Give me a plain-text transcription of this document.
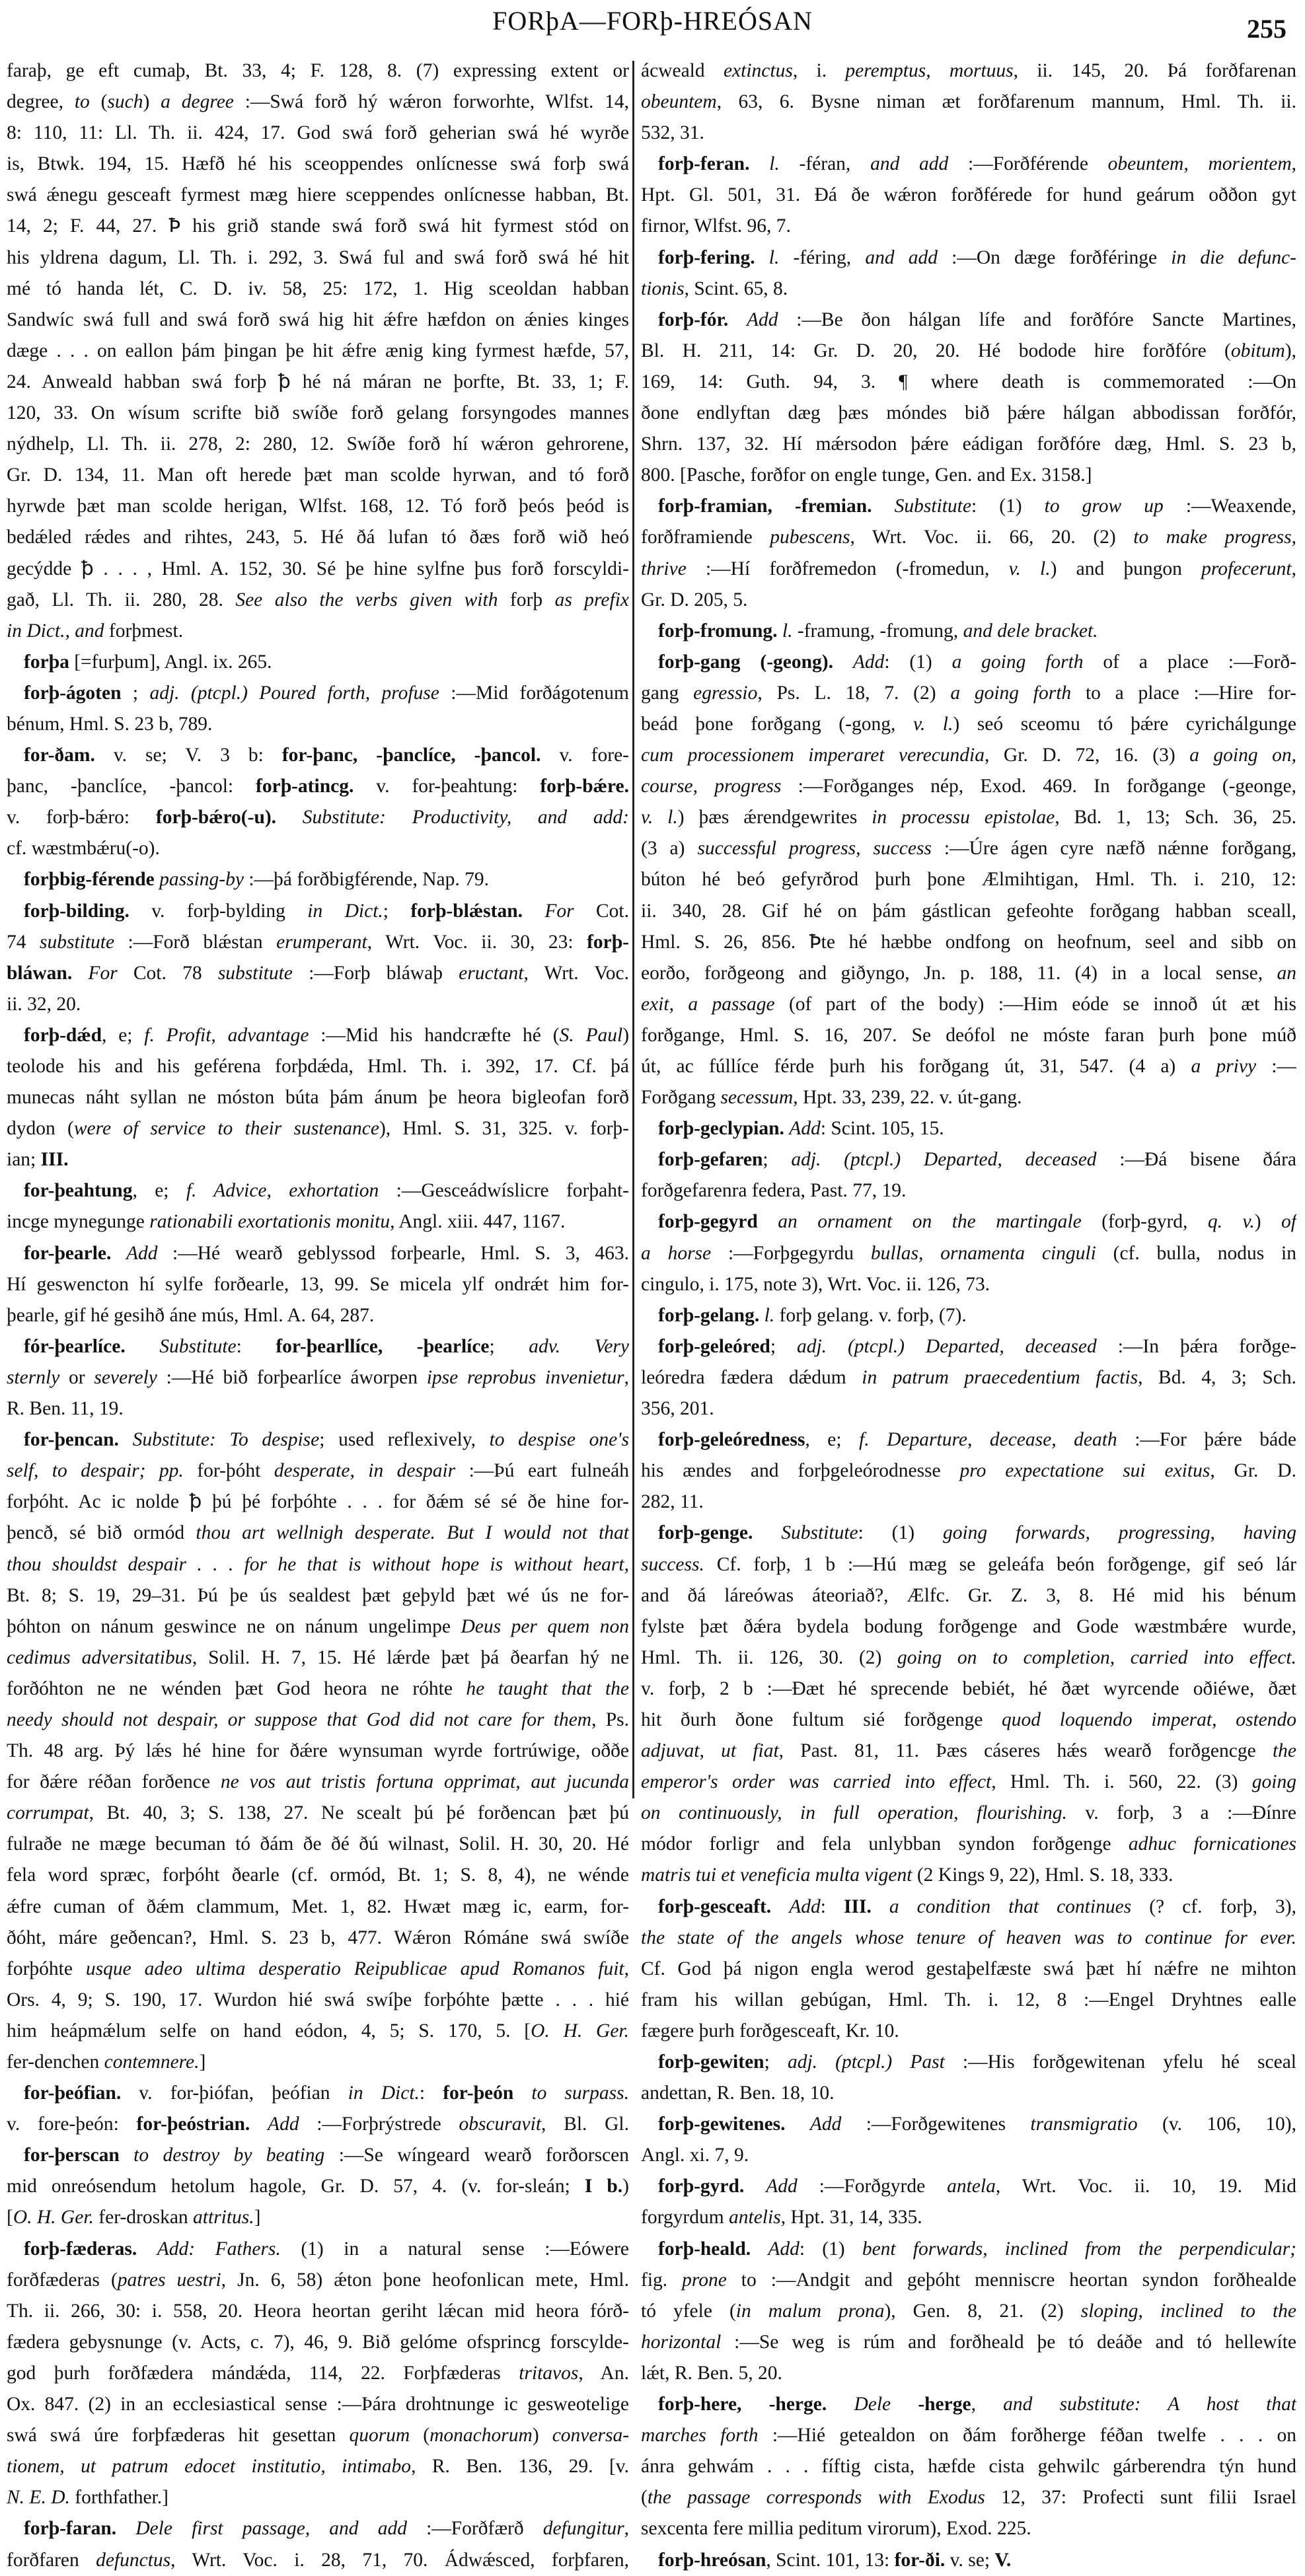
FORþA—FORþ-HREÓSAN	255
faraþ, ge eft cumaþ, Bt. 33, 4; F. 128, 8. (7) expressing extent or
degree, to (such) a degree :—Swá forð hý wǽron forworhte, Wlfst. 14,
8: 110, 11: Ll. Th. ii. 424, 17. God swá forð geherian swá hé wyrðe
is, Btwk. 194, 15. Hæfð hé his sceoppendes onlícnesse swá forþ swá
swá ǽnegu gesceaft fyrmest mæg hiere sceppendes onlícnesse habban, Bt.
14, 2; F. 44, 27. Ꝥ his grið stande swá forð swá hit fyrmest stód on
his yldrena dagum, Ll. Th. i. 292, 3. Swá ful and swá forð swá hé hit
mé tó handa lét, C. D. iv. 58, 25: 172, 1. Hig sceoldan habban
Sandwíc swá full and swá forð swá hig hit ǽfre hæfdon on ǽnies kinges
dæge . . . on eallon þám þingan þe hit ǽfre ænig king fyrmest hæfde, 57,
24. Anweald habban swá forþ ꝥ hé ná máran ne þorfte, Bt. 33, 1; F.
120, 33. On wísum scrifte bið swíðe forð gelang forsyngodes mannes
nýdhelp, Ll. Th. ii. 278, 2: 280, 12. Swíðe forð hí wǽron gehrorene,
Gr. D. 134, 11. Man oft herede þæt man scolde hyrwan, and tó forð
hyrwde þæt man scolde herigan, Wlfst. 168, 12. Tó forð þeós þeód is
bedǽled rǽdes and rihtes, 243, 5. Hé ðá lufan tó ðæs forð wið heó
gecýdde ꝥ . . . , Hml. A. 152, 30. Sé þe hine sylfne þus forð forscyldi-
gað, Ll. Th. ii. 280, 28. See also the verbs given with forþ as prefix
in Dict., and forþmest.
forþa [=furþum], Angl. ix. 265.
forþ-ágoten ; adj. (ptcpl.) Poured forth, profuse :—Mid forðágotenum
bénum, Hml. S. 23 b, 789.
for-ðam. v. se; V. 3 b: for-þanc, -þanclíce, -þancol. v. fore-
þanc, -þanclíce, -þancol: forþ-atincg. v. for-þeahtung: forþ-bǽre.
v. forþ-bǽro: forþ-bǽro(-u). Substitute: Productivity, and add:
cf. wæstmbǽru(-o).
forþbig-férende passing-by :—þá forðbigférende, Nap. 79.
forþ-bilding. v. forþ-bylding in Dict.; forþ-blǽstan. For Cot.
74 substitute :—Forð blǽstan erumperant, Wrt. Voc. ii. 30, 23: forþ-
bláwan. For Cot. 78 substitute :—Forþ bláwaþ eructant, Wrt. Voc.
ii. 32, 20.
forþ-dǽd, e; f. Profit, advantage :—Mid his handcræfte hé (S. Paul)
teolode his and his geférena forþdǽda, Hml. Th. i. 392, 17. Cf. þá
munecas náht syllan ne móston búta þám ánum þe heora bigleofan forð
dydon (were of service to their sustenance), Hml. S. 31, 325. v. forþ-
ian; III.
for-þeahtung, e; f. Advice, exhortation :—Gesceádwíslicre forþaht-
incge mynegunge rationabili exortationis monitu, Angl. xiii. 447, 1167.
for-þearle. Add :—Hé wearð geblyssod forþearle, Hml. S. 3, 463.
Hí geswencton hí sylfe forðearle, 13, 99. Se micela ylf ondrǽt him for-
þearle, gif hé gesihð áne mús, Hml. A. 64, 287.
fór-þearlíce. Substitute: for-þearllíce, -þearlíce; adv. Very
sternly or severely :—Hé bið forþearlíce áworpen ipse reprobus invenietur,
R. Ben. 11, 19.
for-þencan. Substitute: To despise; used reflexively, to despise one's
self, to despair; pp. for-þóht desperate, in despair :—Þú eart fulneáh
forþóht. Ac ic nolde ꝥ þú þé forþóhte . . . for ðǽm sé sé ðe hine for-
þencð, sé bið ormód thou art wellnigh desperate. But I would not that
thou shouldst despair . . . for he that is without hope is without heart,
Bt. 8; S. 19, 29–31. Þú þe ús sealdest þæt geþyld þæt wé ús ne for-
þóhton on nánum geswince ne on nánum ungelimpe Deus per quem non
cedimus adversitatibus, Solil. H. 7, 15. Hé lǽrde þæt þá ðearfan hý ne
forðóhton ne ne wénden þæt God heora ne róhte he taught that the
needy should not despair, or suppose that God did not care for them, Ps.
Th. 48 arg. Þý lǽs hé hine for ðǽre wynsuman wyrde fortrúwige, oððe
for ðǽre réðan forðence ne vos aut tristis fortuna opprimat, aut jucunda
corrumpat, Bt. 40, 3; S. 138, 27. Ne scealt þú þé forðencan þæt þú
fulraðe ne mæge becuman tó ðám ðe ðé ðú wilnast, Solil. H. 30, 20. Hé
fela word spræc, forþóht ðearle (cf. ormód, Bt. 1; S. 8, 4), ne wénde
ǽfre cuman of ðǽm clammum, Met. 1, 82. Hwæt mæg ic, earm, for-
ðóht, máre geðencan?, Hml. S. 23 b, 477. Wǽron Rómáne swá swíðe
forþóhte usque adeo ultima desperatio Reipublicae apud Romanos fuit,
Ors. 4, 9; S. 190, 17. Wurdon hié swá swíþe forþóhte þætte . . . hié
him heápmǽlum selfe on hand eódon, 4, 5; S. 170, 5. [O. H. Ger.
fer-denchen contemnere.]
for-þeófian. v. for-þiófan, þeófian in Dict.: for-þeón to surpass.
v. fore-þeón: for-þeóstrian. Add :—Forþrýstrede obscuravit, Bl. Gl.
for-þerscan to destroy by beating :—Se wíngeard wearð forðorscen
mid onreósendum hetolum hagole, Gr. D. 57, 4. (v. for-sleán; I b.)
[O. H. Ger. fer-droskan attritus.]
forþ-fæderas. Add: Fathers. (1) in a natural sense :—Eówere
forðfæderas (patres uestri, Jn. 6, 58) ǽton þone heofonlican mete, Hml.
Th. ii. 266, 30: i. 558, 20. Heora heortan geriht lǽcan mid heora fórð-
fædera gebysnunge (v. Acts, c. 7), 46, 9. Bið gelóme ofsprincg forscylde-
god þurh forðfædera mándǽda, 114, 22. Forþfæderas tritavos, An.
Ox. 847. (2) in an ecclesiastical sense :—Þára drohtnunge ic gesweotelige
swá swá úre forþfæderas hit gesettan quorum (monachorum) conversa-
tionem, ut patrum edocet institutio, intimabo, R. Ben. 136, 29. [v.
N. E. D. forthfather.]
forþ-faran. Dele first passage, and add :—Forðfærð defungitur,
forðfaren defunctus, Wrt. Voc. i. 28, 71, 70. Ádwǽsced, forþfaren,
ácweald extinctus, i. peremptus, mortuus, ii. 145, 20. Þá forðfarenan
obeuntem, 63, 6. Bysne niman æt forðfarenum mannum, Hml. Th. ii.
532, 31.
forþ-feran. l. -féran, and add :—Forðférende obeuntem, morientem,
Hpt. Gl. 501, 31. Ðá ðe wǽron forðférede for hund geárum oððon gyt
firnor, Wlfst. 96, 7.
forþ-fering. l. -féring, and add :—On dæge forðféringe in die defunc-
tionis, Scint. 65, 8.
forþ-fór. Add :—Be ðon hálgan lífe and forðfóre Sancte Martines,
Bl. H. 211, 14: Gr. D. 20, 20. Hé bodode hire forðfóre (obitum),
169, 14: Guth. 94, 3. ¶ where death is commemorated :—On
ðone endlyftan dæg þæs móndes bið þǽre hálgan abbodissan forðfór,
Shrn. 137, 32. Hí mǽrsodon þǽre eádigan forðfóre dæg, Hml. S. 23 b,
800. [Pasche, forðfor on engle tunge, Gen. and Ex. 3158.]
forþ-framian, -fremian. Substitute: (1) to grow up :—Weaxende,
forðframiende pubescens, Wrt. Voc. ii. 66, 20. (2) to make progress,
thrive :—Hí forðfremedon (-fromedun, v. l.) and þungon profecerunt,
Gr. D. 205, 5.
forþ-fromung. l. -framung, -fromung, and dele bracket.
forþ-gang (-geong). Add: (1) a going forth of a place :—Forð-
gang egressio, Ps. L. 18, 7. (2) a going forth to a place :—Hire for-
beád þone forðgang (-gong, v. l.) seó sceomu tó þǽre cyrichálgunge
cum processionem imperaret verecundia, Gr. D. 72, 16. (3) a going on,
course, progress :—Forðganges nép, Exod. 469. In forðgange (-geonge,
v. l.) þæs ǽrendgewrites in processu epistolae, Bd. 1, 13; Sch. 36, 25.
(3 a) successful progress, success :—Úre ágen cyre næfð nǽnne forðgang,
búton hé beó gefyrðrod þurh þone Ælmihtigan, Hml. Th. i. 210, 12:
ii. 340, 28. Gif hé on þám gástlican gefeohte forðgang habban sceall,
Hml. S. 26, 856. Ꝥte hé hæbbe ondfong on heofnum, seel and sibb on
eorðo, forðgeong and giðyngo, Jn. p. 188, 11. (4) in a local sense, an
exit, a passage (of part of the body) :—Him eóde se innoð út æt his
forðgange, Hml. S. 16, 207. Se deófol ne móste faran þurh þone múð
út, ac fúllíce férde þurh his forðgang út, 31, 547. (4 a) a privy :—
Forðgang secessum, Hpt. 33, 239, 22. v. út-gang.
forþ-geclypian. Add: Scint. 105, 15.
forþ-gefaren; adj. (ptcpl.) Departed, deceased :—Ðá bisene ðára
forðgefarenra federa, Past. 77, 19.
forþ-gegyrd an ornament on the martingale (forþ-gyrd, q. v.) of
a horse :—Forþgegyrdu bullas, ornamenta cinguli (cf. bulla, nodus in
cingulo, i. 175, note 3), Wrt. Voc. ii. 126, 73.
forþ-gelang. l. forþ gelang. v. forþ, (7).
forþ-geleóred; adj. (ptcpl.) Departed, deceased :—In þǽra forðge-
leóredra fædera dǽdum in patrum praecedentium factis, Bd. 4, 3; Sch.
356, 201.
forþ-geleóredness, e; f. Departure, decease, death :—For þǽre báde
his ændes and forþgeleórodnesse pro expectatione sui exitus, Gr. D.
282, 11.
forþ-genge. Substitute: (1) going forwards, progressing, having
success. Cf. forþ, 1 b :—Hú mæg se geleáfa beón forðgenge, gif seó lár
and ðá láreówas áteoriað?, Ælfc. Gr. Z. 3, 8. Hé mid his bénum
fylste þæt ðǽra bydela bodung forðgenge and Gode wæstmbǽre wurde,
Hml. Th. ii. 126, 30. (2) going on to completion, carried into effect.
v. forþ, 2 b :—Ðæt hé sprecende bebiét, hé ðæt wyrcende oðiéwe, ðæt
hit ðurh ðone fultum sié forðgenge quod loquendo imperat, ostendo
adjuvat, ut fiat, Past. 81, 11. Þæs cáseres hǽs wearð forðgencge the
emperor's order was carried into effect, Hml. Th. i. 560, 22. (3) going
on continuously, in full operation, flourishing. v. forþ, 3 a :—Ðínre
módor forligr and fela unlybban syndon forðgenge adhuc fornicationes
matris tui et veneficia multa vigent (2 Kings 9, 22), Hml. S. 18, 333.
forþ-gesceaft. Add: III. a condition that continues (? cf. forþ, 3),
the state of the angels whose tenure of heaven was to continue for ever.
Cf. God þá nigon engla werod gestaþelfæste swá þæt hí nǽfre ne mihton
fram his willan gebúgan, Hml. Th. i. 12, 8 :—Engel Dryhtnes ealle
fægere þurh forðgesceaft, Kr. 10.
forþ-gewiten; adj. (ptcpl.) Past :—His forðgewitenan yfelu hé sceal
andettan, R. Ben. 18, 10.
forþ-gewitenes. Add :—Forðgewitenes transmigratio (v. 106, 10),
Angl. xi. 7, 9.
forþ-gyrd. Add :—Forðgyrde antela, Wrt. Voc. ii. 10, 19. Mid
forgyrdum antelis, Hpt. 31, 14, 335.
forþ-heald. Add: (1) bent forwards, inclined from the perpendicular;
fig. prone to :—Andgit and geþóht menniscre heortan syndon forðhealde
tó yfele (in malum prona), Gen. 8, 21. (2) sloping, inclined to the
horizontal :—Se weg is rúm and forðheald þe tó deáðe and tó hellewíte
lǽt, R. Ben. 5, 20.
forþ-here, -herge. Dele -herge, and substitute: A host that
marches forth :—Hié getealdon on ðám forðherge féðan twelfe . . . on
ánra gehwám . . . fíftig cista, hæfde cista gehwilc gárberendra týn hund
(the passage corresponds with Exodus 12, 37: Profecti sunt filii Israel
sexcenta fere millia peditum virorum), Exod. 225.
forþ-hreósan, Scint. 101, 13: for-ði. v. se; V.
